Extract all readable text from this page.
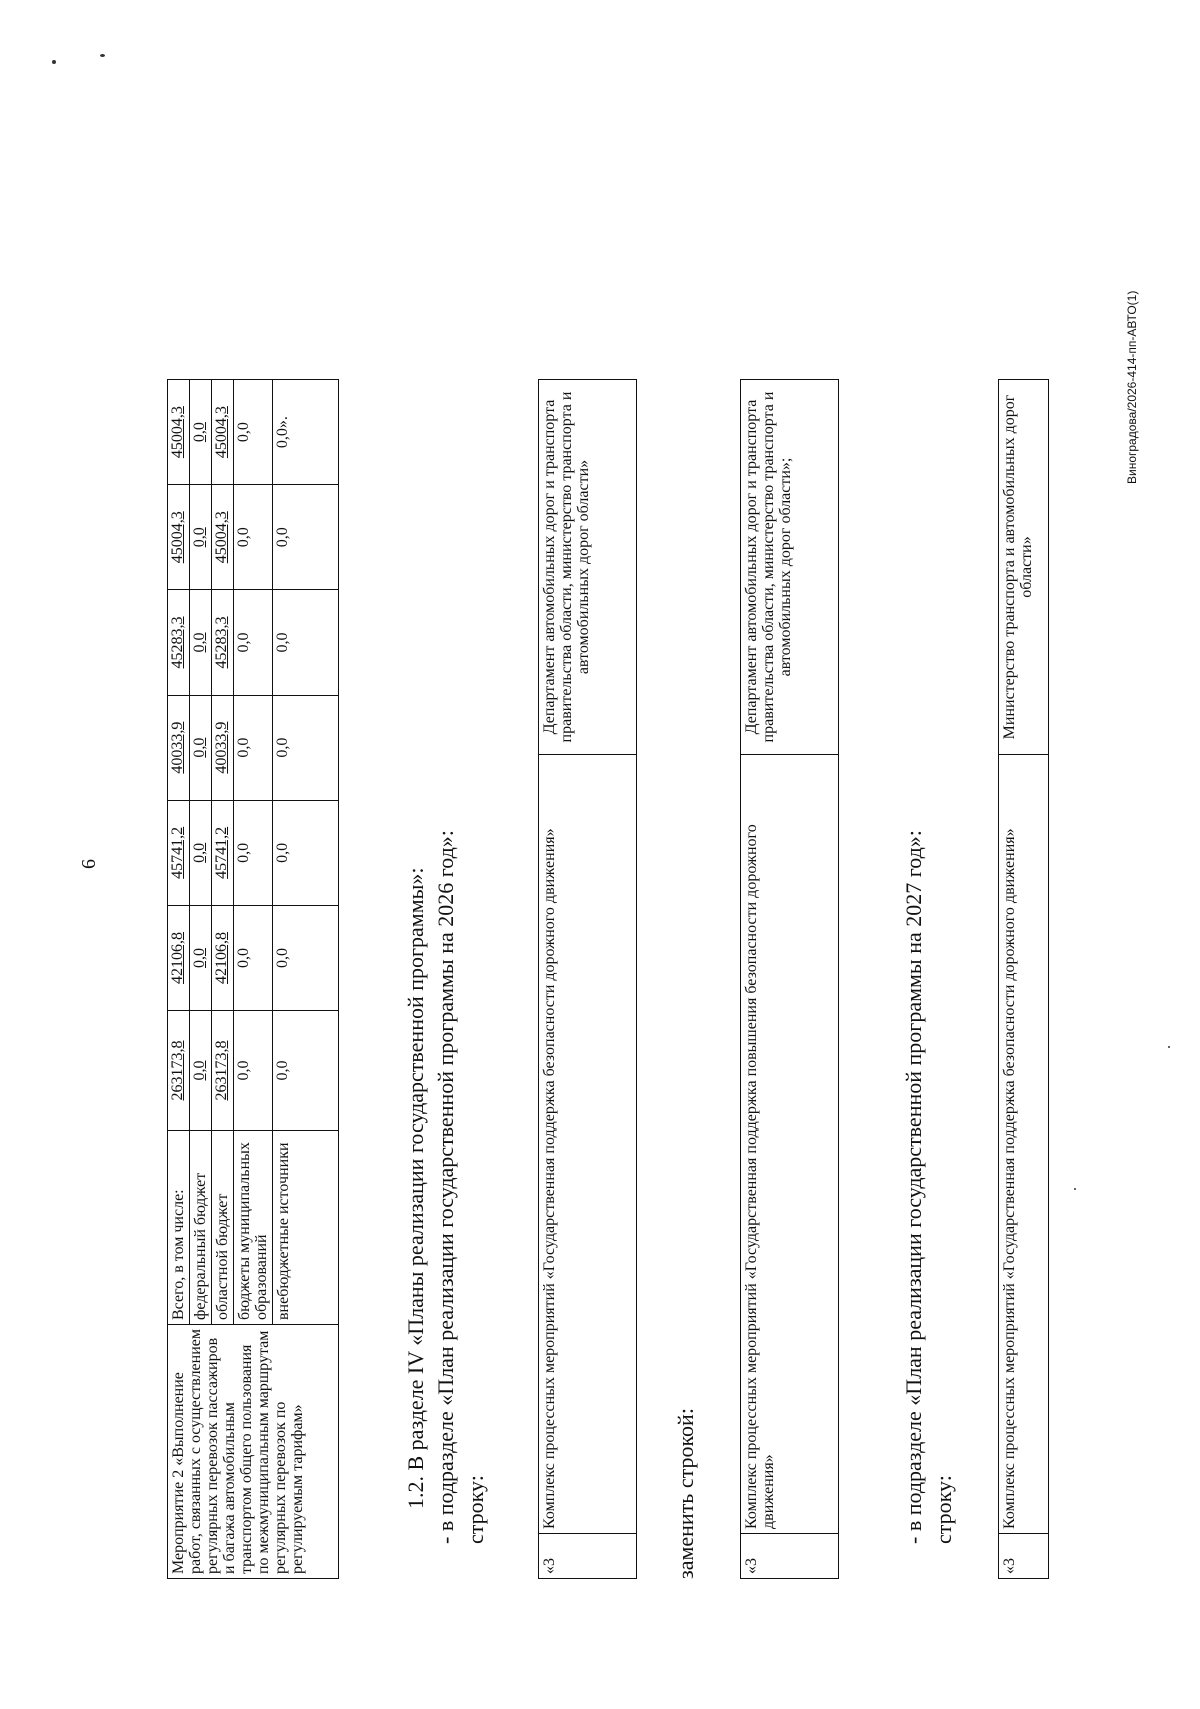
6
Мероприятие 2 «Выполнение работ, связанных с осуществлением регулярных перевозок пассажиров и багажа автомобильным транспортом общего пользования по межмуниципальным маршрутам регулярных перевозок по регулируемым тарифам»	Всего, в том числе:	263173,8	42106,8	45741,2	40033,9	45283,3	45004,3	45004,3
	федеральный бюджет	0,0	0,0	0,0	0,0	0,0	0,0	0,0
	областной бюджет	263173,8	42106,8	45741,2	40033,9	45283,3	45004,3	45004,3
	бюджеты муниципальных образований	0,0	0,0	0,0	0,0	0,0	0,0	0,0
	внебюджетные источники	0,0	0,0	0,0	0,0	0,0	0,0	0,0».
1.2. В разделе IV «Планы реализации государственной программы»: - в подразделе «План реализации государственной программы на 2026 год»: строку:
«3	Комплекс процессных мероприятий «Государственная поддержка безопасности дорожного движения»	Департамент автомобильных дорог и транспорта правительства области, министерство транспорта и автомобильных дорог области»
заменить строкой:	«3	Комплекс процессных мероприятий «Государственная поддержка повышения безопасности дорожного движения»	Департамент автомобильных дорог и транспорта правительства области, министерство транспорта и автомобильных дорог области»;
- в подразделе «План реализации государственной программы на 2027 год»: строку:
«3	Комплекс процессных мероприятий «Государственная поддержка безопасности дорожного движения»	Министерство транспорта и автомобильных дорог области»
Виноградова/2026-414-пп-АВТО(1)
